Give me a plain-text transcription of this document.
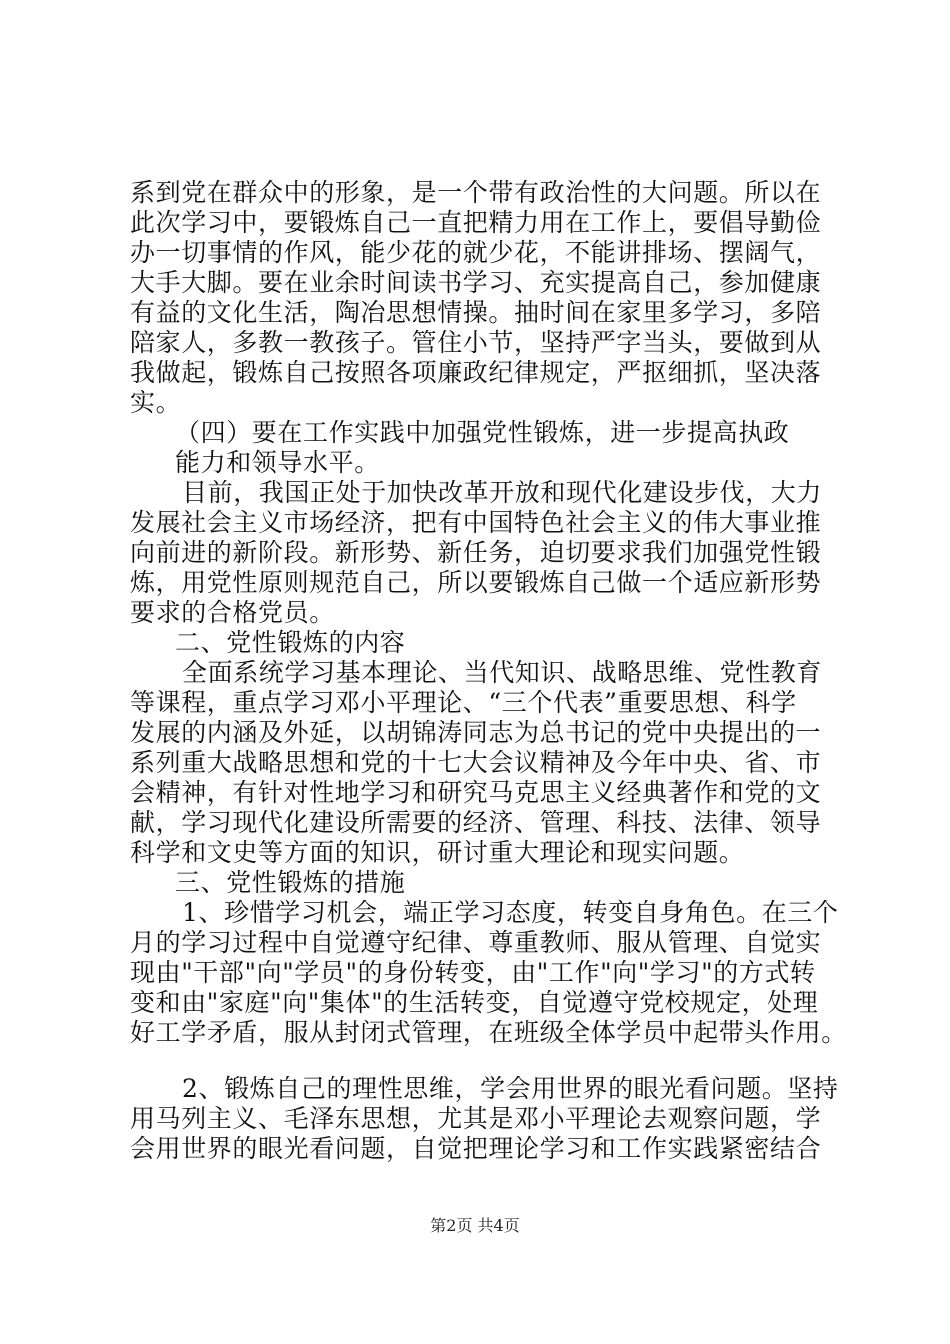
系到党在群众中的形象，是一个带有政治性的大问题。所以在
此次学习中，要锻炼自己一直把精力用在工作上，要倡导勤俭
办一切事情的作风，能少花的就少花，不能讲排场、摆阔气，
大手大脚。要在业余时间读书学习、充实提高自己，参加健康
有益的文化生活，陶冶思想情操。抽时间在家里多学习，多陪
陪家人，多教一教孩子。管住小节，坚持严字当头，要做到从
我做起，锻炼自己按照各项廉政纪律规定，严抠细抓，坚决落
实。
（四）要在工作实践中加强党性锻炼，进一步提高执政
能力和领导水平。
目前，我国正处于加快改革开放和现代化建设步伐，大力
发展社会主义市场经济，把有中国特色社会主义的伟大事业推
向前进的新阶段。新形势、新任务，迫切要求我们加强党性锻
炼，用党性原则规范自己，所以要锻炼自己做一个适应新形势
要求的合格党员。
二、党性锻炼的内容
全面系统学习基本理论、当代知识、战略思维、党性教育
等课程，重点学习邓小平理论、“三个代表”重要思想、科学
发展的内涵及外延，以胡锦涛同志为总书记的党中央提出的一
系列重大战略思想和党的十七大会议精神及今年中央、省、市
会精神，有针对性地学习和研究马克思主义经典著作和党的文
献，学习现代化建设所需要的经济、管理、科技、法律、领导
科学和文史等方面的知识，研讨重大理论和现实问题。
三、党性锻炼的措施
1、珍惜学习机会，端正学习态度，转变自身角色。在三个
月的学习过程中自觉遵守纪律、尊重教师、服从管理、自觉实
现由"干部"向"学员"的身份转变，由"工作"向"学习"的方式转
变和由"家庭"向"集体"的生活转变，自觉遵守党校规定，处理
好工学矛盾，服从封闭式管理，在班级全体学员中起带头作用。
2、锻炼自己的理性思维，学会用世界的眼光看问题。坚持
用马列主义、毛泽东思想，尤其是邓小平理论去观察问题，学
会用世界的眼光看问题，自觉把理论学习和工作实践紧密结合
第2页 共4页
